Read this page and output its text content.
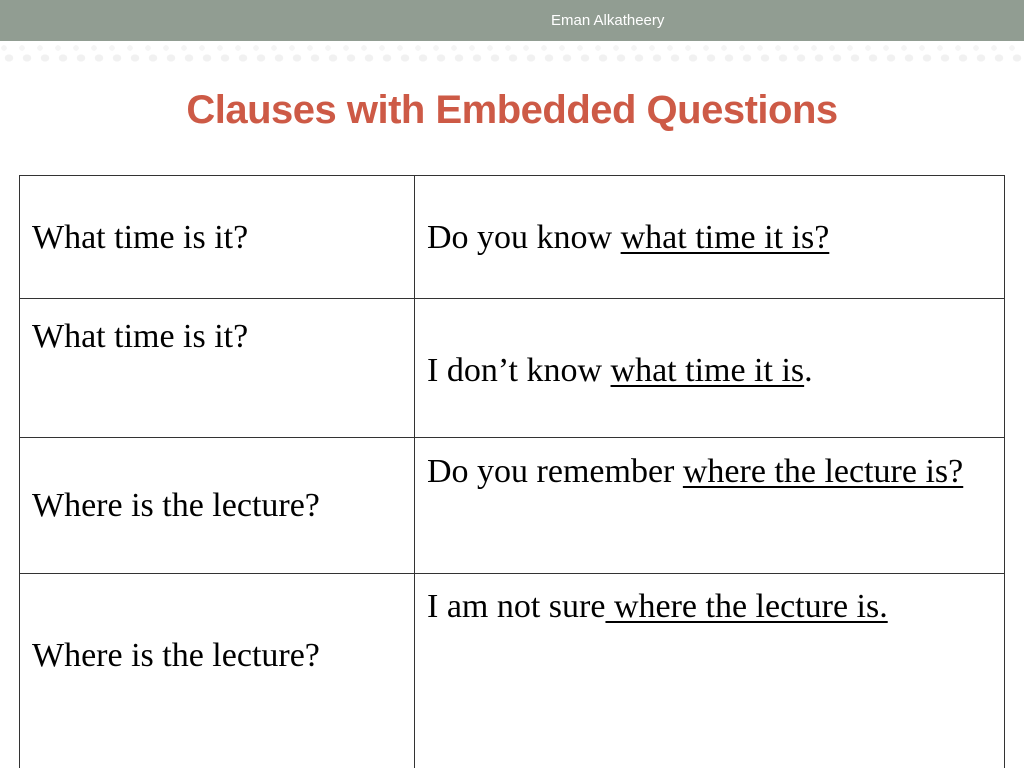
Eman Alkatheery
Clauses with Embedded Questions
What time is it?	Do you know what time it is?
What time is it?	I don’t know what time it is.
Where is the lecture?	Do you remember where the lecture is?
Where is the lecture?	I am not sure where the lecture is.
